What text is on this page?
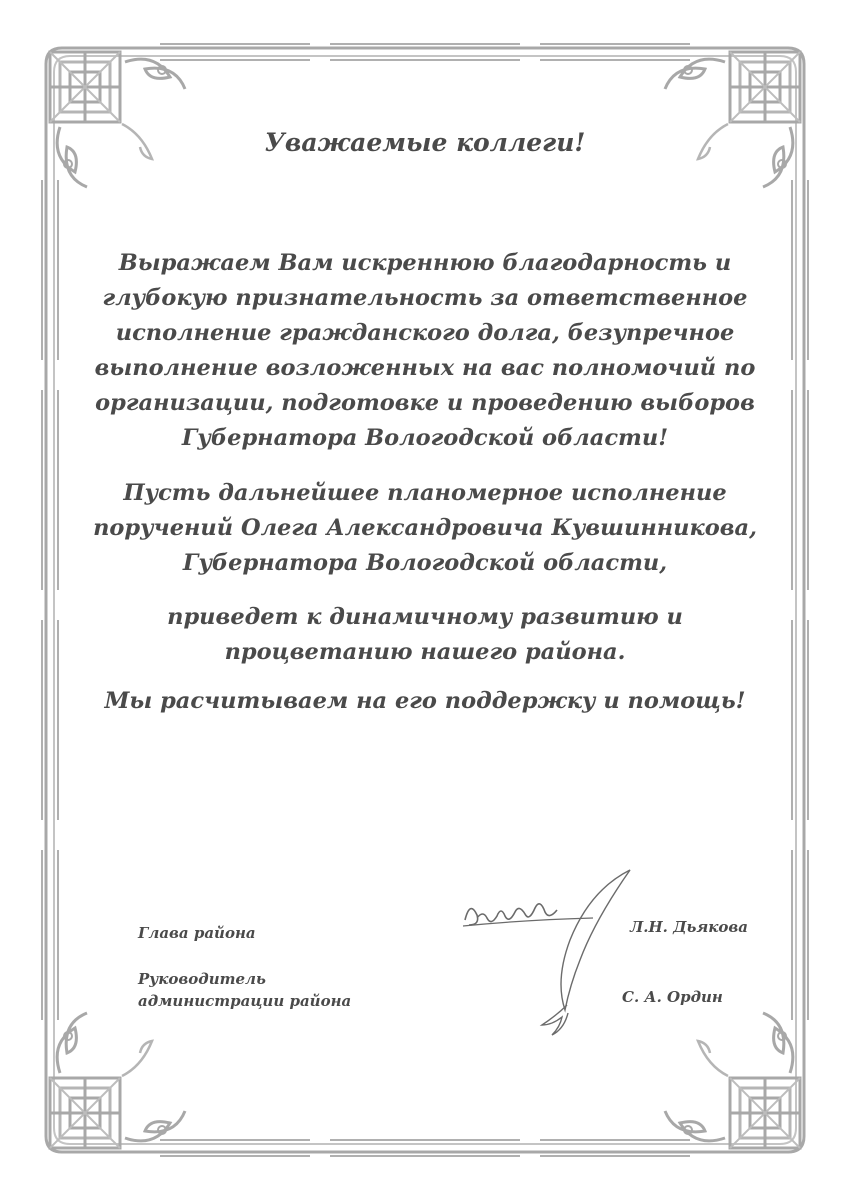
Уважаемые коллеги!
Выражаем Вам искреннюю благодарность и
глубокую признательность за ответственное
исполнение гражданского долга, безупречное
выполнение возложенных на вас полномочий по
организации, подготовке и проведению выборов
Губернатора Вологодской области!
Пусть дальнейшее планомерное исполнение
поручений Олега Александровича Кувшинникова,
Губернатора Вологодской области,
приведет к динамичному развитию и
процветанию нашего района.
Мы расчитываем на его поддержку и помощь!
Глава района	Л.Н. Дьякова
Руководитель
администрации района	С. А. Ордин
